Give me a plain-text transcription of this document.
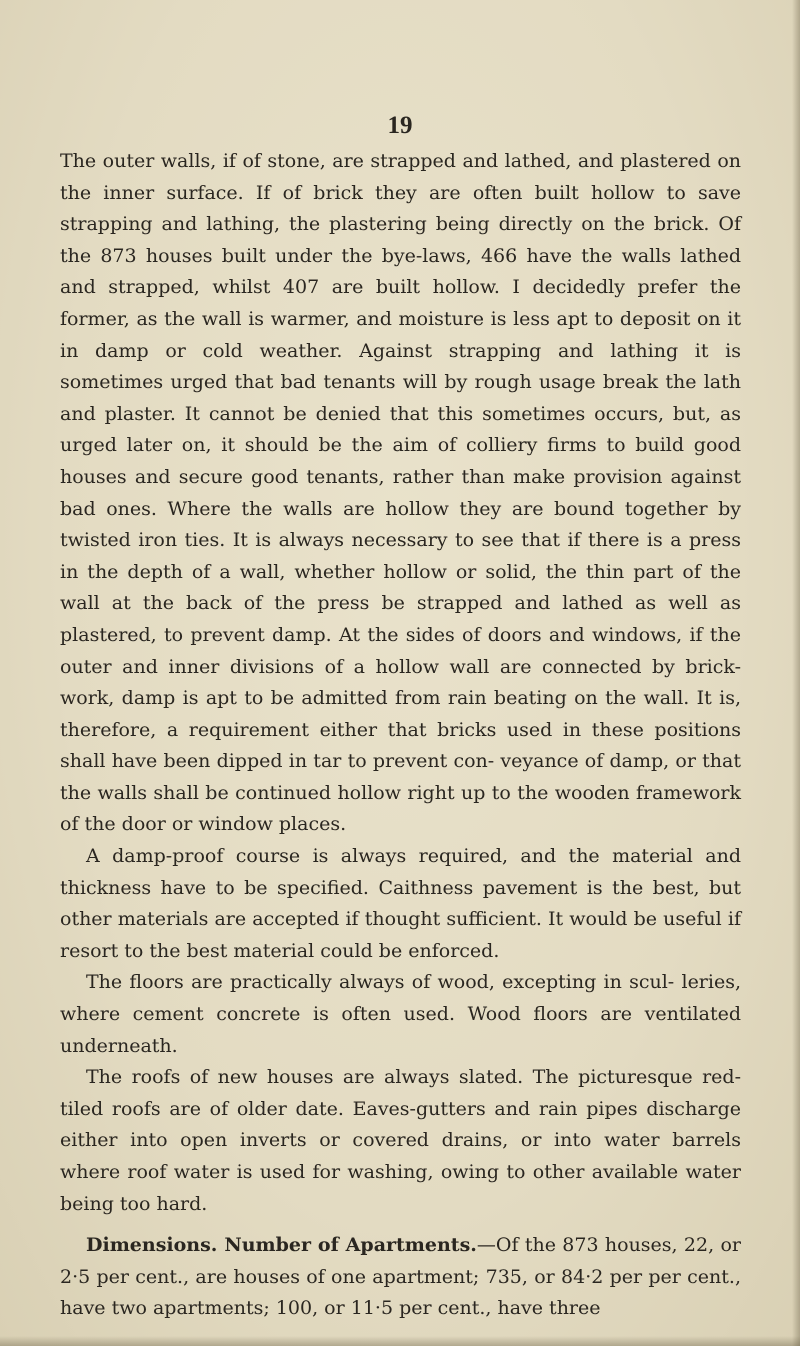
19

The outer walls, if of stone, are strapped and lathed, and plastered on the inner surface. If of brick they are often built hollow to save strapping and lathing, the plastering being directly on the brick. Of the 873 houses built under the bye-laws, 466 have the walls lathed and strapped, whilst 407 are built hollow. I decidedly prefer the former, as the wall is warmer, and moisture is less apt to deposit on it in damp or cold weather. Against strapping and lathing it is sometimes urged that bad tenants will by rough usage break the lath and plaster. It cannot be denied that this sometimes occurs, but, as urged later on, it should be the aim of colliery firms to build good houses and secure good tenants, rather than make provision against bad ones. Where the walls are hollow they are bound together by twisted iron ties. It is always necessary to see that if there is a press in the depth of a wall, whether hollow or solid, the thin part of the wall at the back of the press be strapped and lathed as well as plastered, to prevent damp. At the sides of doors and windows, if the outer and inner divisions of a hollow wall are connected by brick-work, damp is apt to be admitted from rain beating on the wall. It is, therefore, a requirement either that bricks used in these positions shall have been dipped in tar to prevent con- veyance of damp, or that the walls shall be continued hollow right up to the wooden framework of the door or window places.

A damp-proof course is always required, and the material and thickness have to be specified. Caithness pavement is the best, but other materials are accepted if thought sufficient. It would be useful if resort to the best material could be enforced.

The floors are practically always of wood, excepting in scul- leries, where cement concrete is often used. Wood floors are ventilated underneath.

The roofs of new houses are always slated. The picturesque red-tiled roofs are of older date. Eaves-gutters and rain pipes discharge either into open inverts or covered drains, or into water barrels where roof water is used for washing, owing to other available water being too hard.

Dimensions. Number of Apartments.—Of the 873 houses, 22, or 2·5 per cent., are houses of one apartment; 735, or 84·2 per per cent., have two apartments; 100, or 11·5 per cent., have three
